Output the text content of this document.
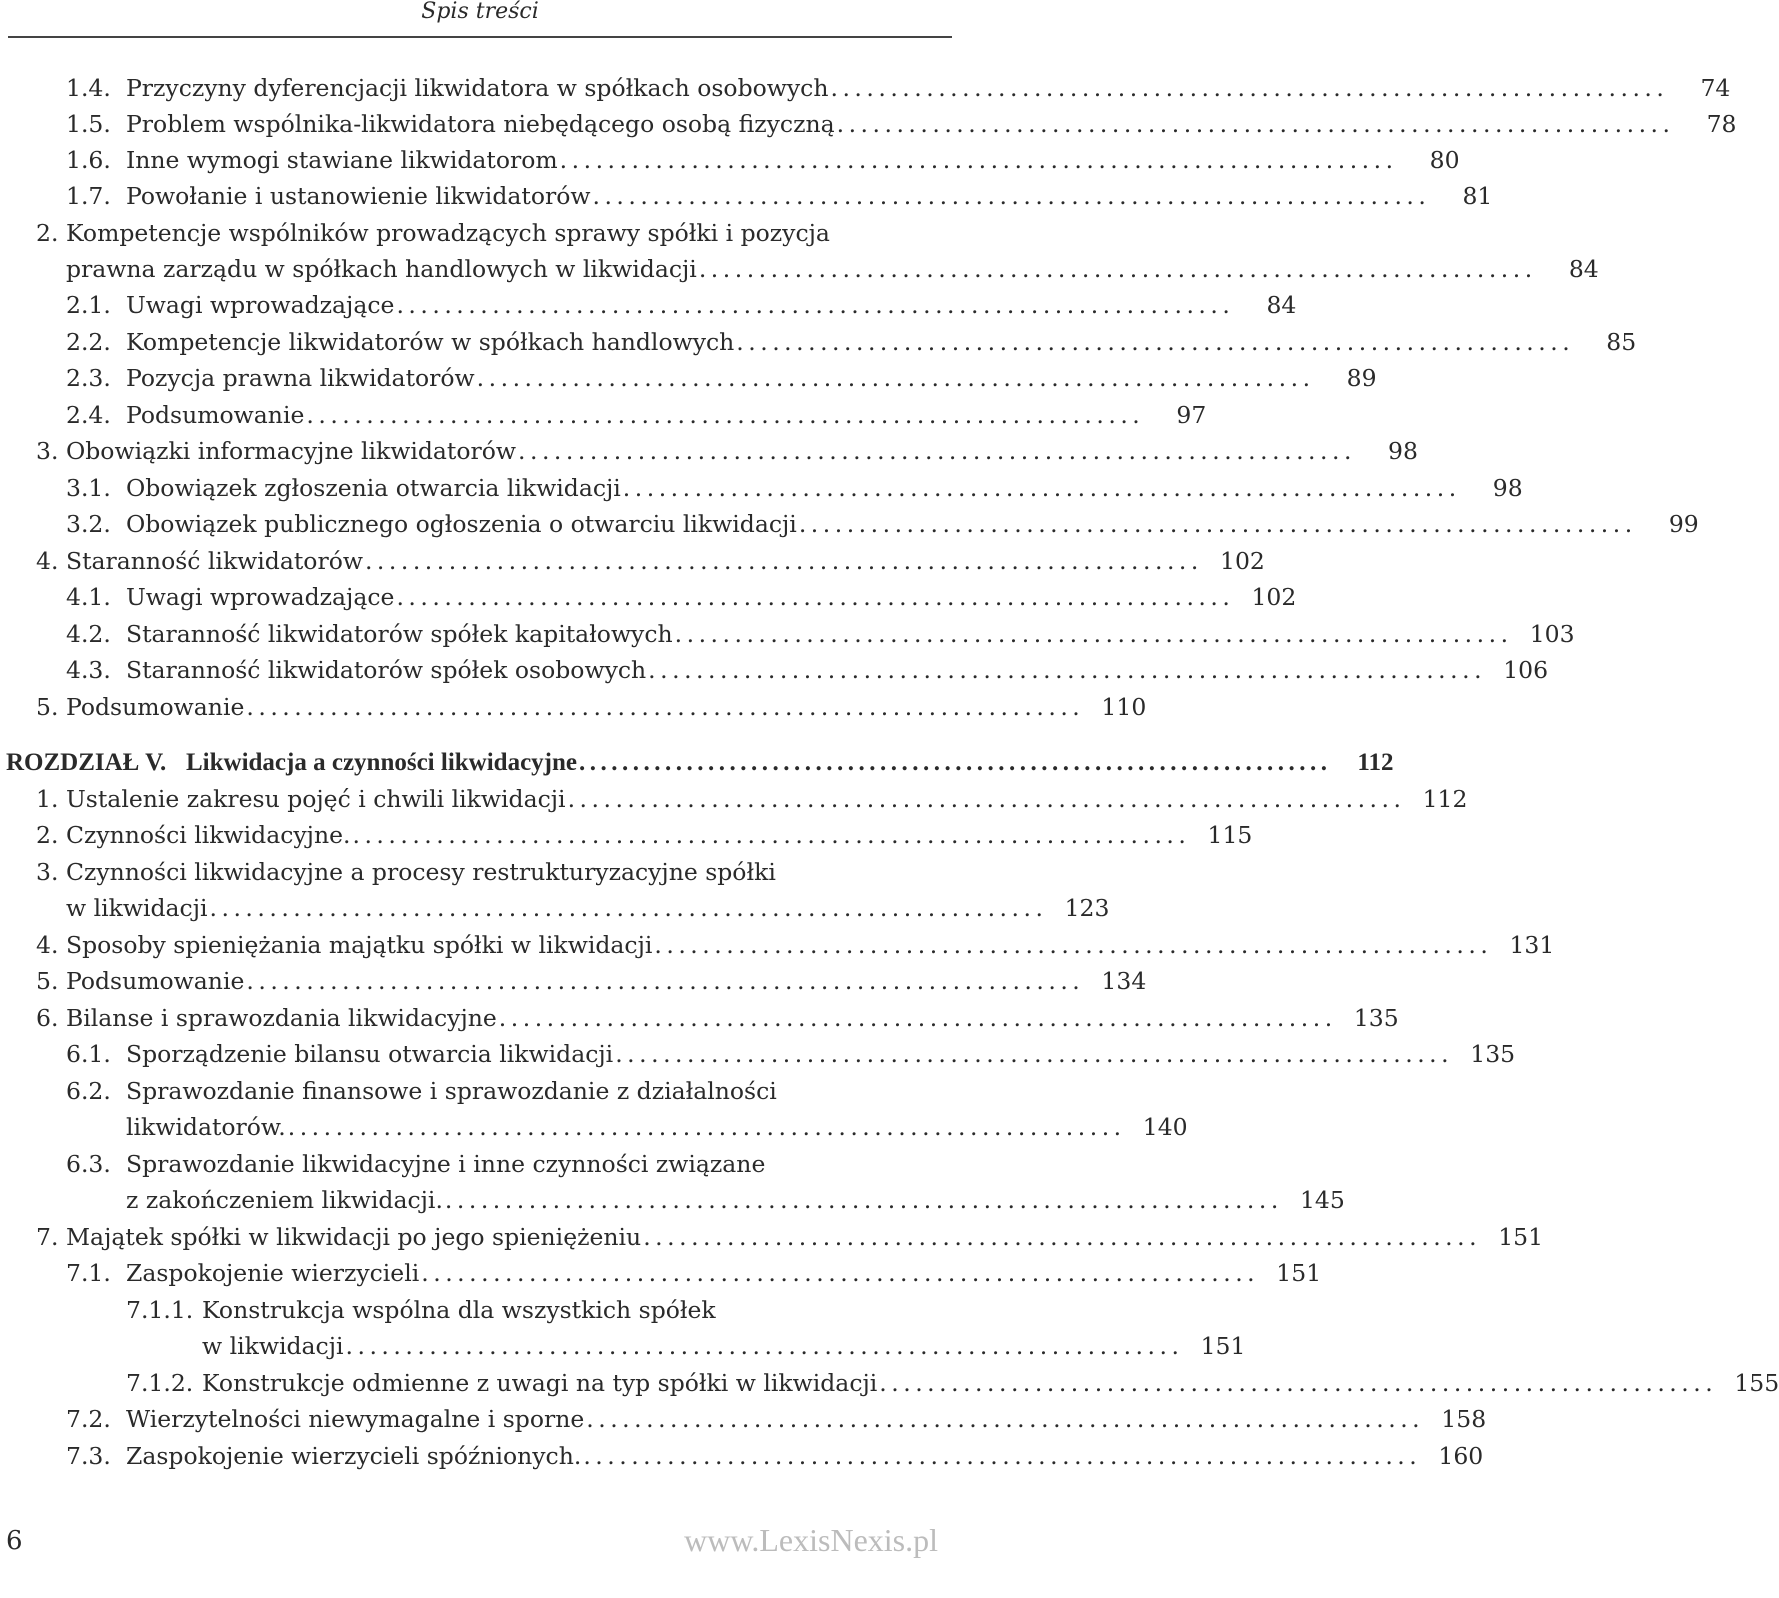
Spis treści
1.4. Przyczyny dyferencjacji likwidatora w spółkach osobowych ......................................................................	74
1.5. Problem wspólnika-likwidatora niebędącego osobą fizyczną ......................................................................	78
1.6. Inne wymogi stawiane likwidatorom ......................................................................	80
1.7. Powołanie i ustanowienie likwidatorów ......................................................................	81
2. Kompetencje wspólników prowadzących sprawy spółki i pozycja
prawna zarządu w spółkach handlowych w likwidacji ......................................................................	84
2.1. Uwagi wprowadzające ......................................................................	84
2.2. Kompetencje likwidatorów w spółkach handlowych ......................................................................	85
2.3. Pozycja prawna likwidatorów ......................................................................	89
2.4. Podsumowanie ......................................................................	97
3. Obowiązki informacyjne likwidatorów ......................................................................	98
3.1. Obowiązek zgłoszenia otwarcia likwidacji ......................................................................	98
3.2. Obowiązek publicznego ogłoszenia o otwarciu likwidacji ......................................................................	99
4. Staranność likwidatorów ...................................................................... 102
4.1. Uwagi wprowadzające ...................................................................... 102
4.2. Staranność likwidatorów spółek kapitałowych ...................................................................... 103
4.3. Staranność likwidatorów spółek osobowych ...................................................................... 106
5. Podsumowanie ...................................................................... 110
ROZDZIAŁ V. Likwidacja a czynności likwidacyjne ......................................................................	112
1. Ustalenie zakresu pojęć i chwili likwidacji ...................................................................... 112
2. Czynności likwidacyjne. ...................................................................... 115
3. Czynności likwidacyjne a procesy restrukturyzacyjne spółki
w likwidacji ...................................................................... 123
4. Sposoby spieniężania majątku spółki w likwidacji ...................................................................... 131
5. Podsumowanie ...................................................................... 134
6. Bilanse i sprawozdania likwidacyjne ...................................................................... 135
6.1. Sporządzenie bilansu otwarcia likwidacji ...................................................................... 135
6.2. Sprawozdanie finansowe i sprawozdanie z działalności
likwidatorów. ...................................................................... 140
6.3. Sprawozdanie likwidacyjne i inne czynności związane
z zakończeniem likwidacji. ...................................................................... 145
7. Majątek spółki w likwidacji po jego spieniężeniu ...................................................................... 151
7.1. Zaspokojenie wierzycieli ...................................................................... 151
7.1.1. Konstrukcja wspólna dla wszystkich spółek
w likwidacji ...................................................................... 151
7.1.2. Konstrukcje odmienne z uwagi na typ spółki w likwidacji ...................................................................... 155
7.2. Wierzytelności niewymagalne i sporne ...................................................................... 158
7.3. Zaspokojenie wierzycieli spóźnionych. ...................................................................... 160
6	www.LexisNexis.pl
